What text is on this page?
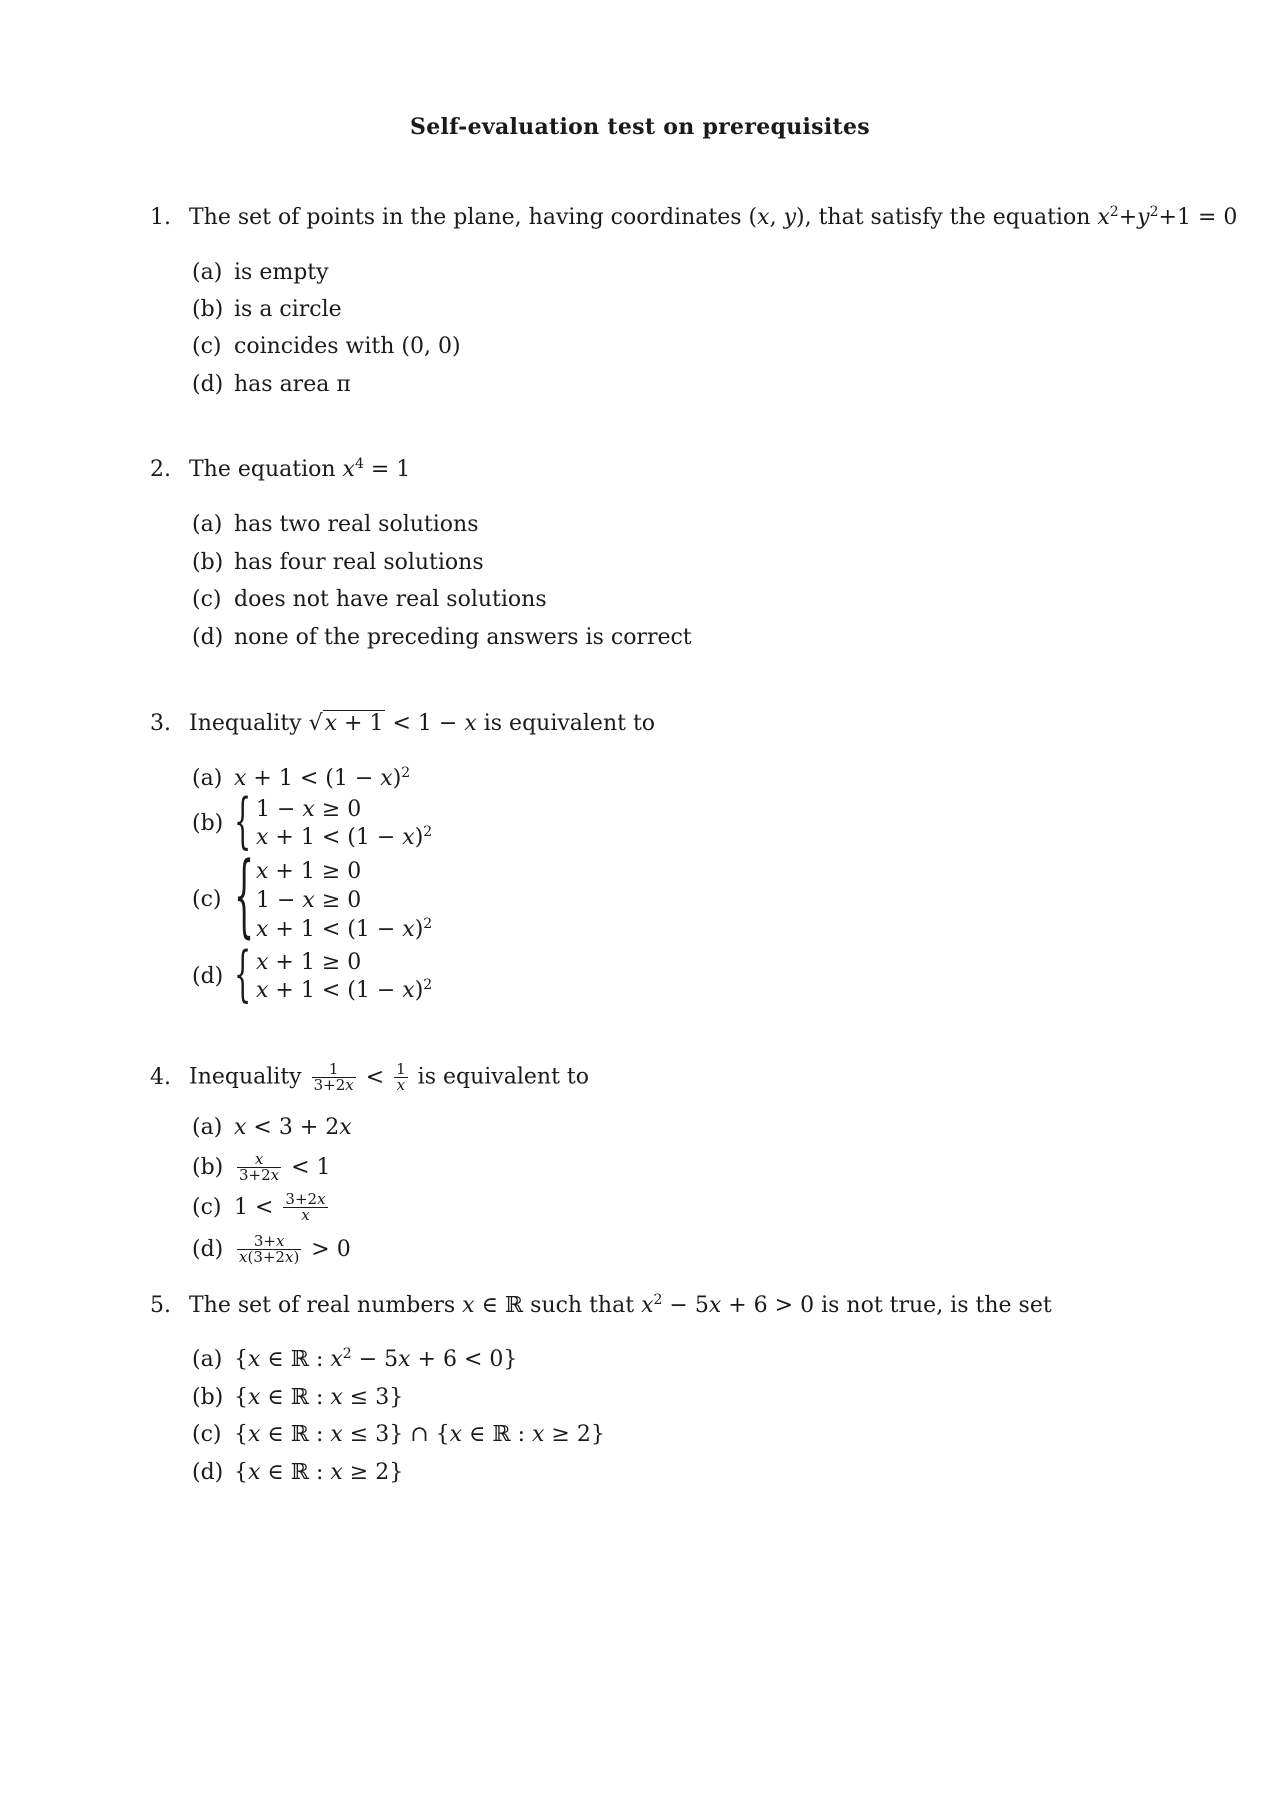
Self-evaluation test on prerequisites
1. The set of points in the plane, having coordinates (x, y), that satisfy the equation $x^2+y^2+1 = 0$
(a) is empty
(b) is a circle
(c) coincides with (0, 0)
(d) has area π
2. The equation $x^4 = 1$
(a) has two real solutions
(b) has four real solutions
(c) does not have real solutions
(d) none of the preceding answers is correct
3. Inequality √x + 1 < 1 − x is equivalent to
(a) $x + 1 < (1 - x)^2$
(b) { 1 − x ≥ 0
$x + 1 < (1 - x)^2$
(c) { x + 1 ≥ 0
1 − x ≥ 0
$x + 1 < (1 - x)^2$
(d) { x + 1 ≥ 0
$x + 1 < (1 - x)^2$
4. Inequality $\frac{1}{3+2x} < \frac{1}{x}$ is equivalent to
(a) x < 3 + 2x
$(b) \frac{x}{3+2x} < 1$
(c) $1 < \frac{3+2x}{x}$
$(d) \frac{3+x}{x(3+2x)} > 0$
5. The set of real numbers x ∈ ℝ such that $x^2 - 5x + 6 > 0$ is not true, is the set
(a) {x ∈ ℝ : $x^2 - 5x + 6 < 0$}
(b) {x ∈ ℝ : x ≤ 3}
(c) {x ∈ ℝ : x ≤ 3} ∩ {x ∈ ℝ : x ≥ 2}
(d) {x ∈ ℝ : x ≥ 2}
